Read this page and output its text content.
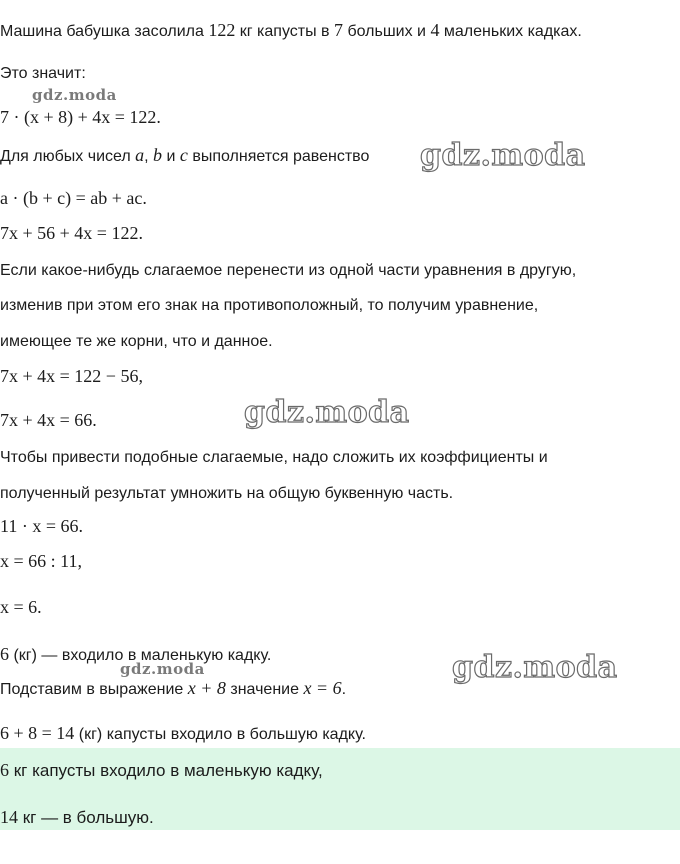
Машина бабушка засолила 122 кг капусты в 7 больших и 4 маленьких кадках.
Это значит:
7 · (x + 8) + 4x = 122.
Для любых чисел a, b и c выполняется равенство
a · (b + c) = ab + ac.
7x + 56 + 4x = 122.
Если какое-нибудь слагаемое перенести из одной части уравнения в другую,
изменив при этом его знак на противоположный, то получим уравнение,
имеющее те же корни, что и данное.
7x + 4x = 122 − 56,
7x + 4x = 66.
Чтобы привести подобные слагаемые, надо сложить их коэффициенты и
полученный результат умножить на общую буквенную часть.
11 · x = 66.
x = 66 : 11,
x = 6.
6 (кг) — входило в маленькую кадку.
Подставим в выражение x + 8 значение x = 6.
6 + 8 = 14 (кг) капусты входило в большую кадку.
6 кг капусты входило в маленькую кадку,
14 кг — в большую.
gdz.moda
gdz.moda
gdz.moda
gdz.moda	gdz.moda
